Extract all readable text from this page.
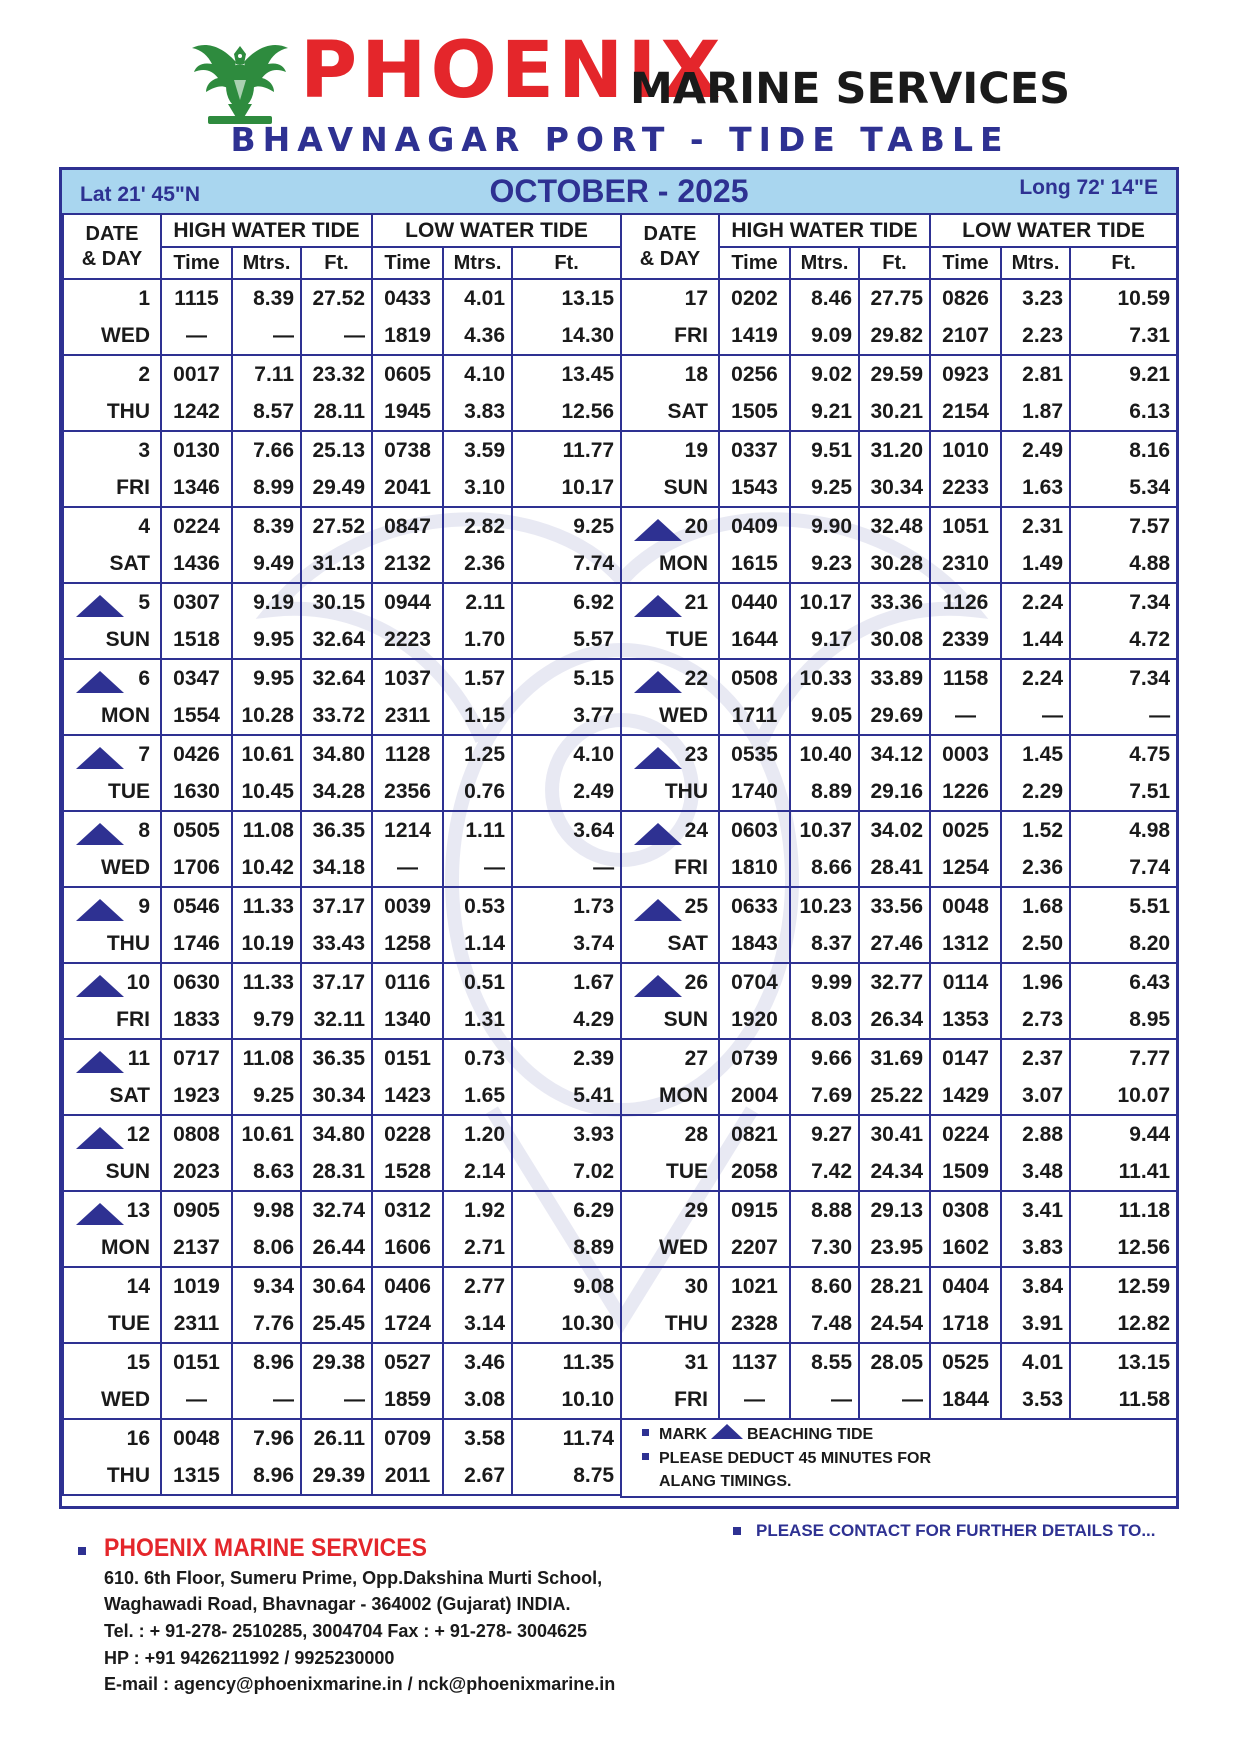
PHOENIX
MARINE SERVICES
BHAVNAGAR PORT - TIDE TABLE
Lat 21' 45"N	OCTOBER - 2025	Long 72' 14"E
DATE
& DAY	HIGH WATER TIDE			LOW WATER TIDE		
	Time	Mtrs.	Ft.	Time	Mtrs.	Ft.
1	1115	8.39	27.52	0433	4.01	13.15
WED	—	—	—	1819	4.36	14.30
2	0017	7.11	23.32	0605	4.10	13.45
THU	1242	8.57	28.11	1945	3.83	12.56
3	0130	7.66	25.13	0738	3.59	11.77
FRI	1346	8.99	29.49	2041	3.10	10.17
4	0224	8.39	27.52	0847	2.82	9.25
SAT	1436	9.49	31.13	2132	2.36	7.74
5	0307	9.19	30.15	0944	2.11	6.92
SUN	1518	9.95	32.64	2223	1.70	5.57
6	0347	9.95	32.64	1037	1.57	5.15
MON	1554	10.28	33.72	2311	1.15	3.77
7	0426	10.61	34.80	1128	1.25	4.10
TUE	1630	10.45	34.28	2356	0.76	2.49
8	0505	11.08	36.35	1214	1.11	3.64
WED	1706	10.42	34.18	—	—	—
9	0546	11.33	37.17	0039	0.53	1.73
THU	1746	10.19	33.43	1258	1.14	3.74
10	0630	11.33	37.17	0116	0.51	1.67
FRI	1833	9.79	32.11	1340	1.31	4.29
11	0717	11.08	36.35	0151	0.73	2.39
SAT	1923	9.25	30.34	1423	1.65	5.41
12	0808	10.61	34.80	0228	1.20	3.93
SUN	2023	8.63	28.31	1528	2.14	7.02
13	0905	9.98	32.74	0312	1.92	6.29
MON	2137	8.06	26.44	1606	2.71	8.89
14	1019	9.34	30.64	0406	2.77	9.08
TUE	2311	7.76	25.45	1724	3.14	10.30
15	0151	8.96	29.38	0527	3.46	11.35
WED	—	—	—	1859	3.08	10.10
16	0048	7.96	26.11	0709	3.58	11.74
THU	1315	8.96	29.39	2011	2.67	8.75
DATE
& DAY	HIGH WATER TIDE			LOW WATER TIDE		
	Time	Mtrs.	Ft.	Time	Mtrs.	Ft.
17	0202	8.46	27.75	0826	3.23	10.59
FRI	1419	9.09	29.82	2107	2.23	7.31
18	0256	9.02	29.59	0923	2.81	9.21
SAT	1505	9.21	30.21	2154	1.87	6.13
19	0337	9.51	31.20	1010	2.49	8.16
SUN	1543	9.25	30.34	2233	1.63	5.34
20	0409	9.90	32.48	1051	2.31	7.57
MON	1615	9.23	30.28	2310	1.49	4.88
21	0440	10.17	33.36	1126	2.24	7.34
TUE	1644	9.17	30.08	2339	1.44	4.72
22	0508	10.33	33.89	1158	2.24	7.34
WED	1711	9.05	29.69	—	—	—
23	0535	10.40	34.12	0003	1.45	4.75
THU	1740	8.89	29.16	1226	2.29	7.51
24	0603	10.37	34.02	0025	1.52	4.98
FRI	1810	8.66	28.41	1254	2.36	7.74
25	0633	10.23	33.56	0048	1.68	5.51
SAT	1843	8.37	27.46	1312	2.50	8.20
26	0704	9.99	32.77	0114	1.96	6.43
SUN	1920	8.03	26.34	1353	2.73	8.95
27	0739	9.66	31.69	0147	2.37	7.77
MON	2004	7.69	25.22	1429	3.07	10.07
28	0821	9.27	30.41	0224	2.88	9.44
TUE	2058	7.42	24.34	1509	3.48	11.41
29	0915	8.88	29.13	0308	3.41	11.18
WED	2207	7.30	23.95	1602	3.83	12.56
30	1021	8.60	28.21	0404	3.84	12.59
THU	2328	7.48	24.54	1718	3.91	12.82
31	1137	8.55	28.05	0525	4.01	13.15
FRI	—	—	—	1844	3.53	11.58

MARK BEACHING TIDE
PLEASE DEDUCT 45 MINUTES FOR
ALANG TIMINGS.						
PHOENIX MARINE SERVICES
610. 6th Floor, Sumeru Prime, Opp.Dakshina Murti School,
Waghawadi Road, Bhavnagar - 364002 (Gujarat) INDIA.
Tel. : + 91-278- 2510285, 3004704 Fax : + 91-278- 3004625
HP : +91 9426211992 / 9925230000
E-mail : agency@phoenixmarine.in / nck@phoenixmarine.in
PLEASE CONTACT FOR FURTHER DETAILS TO...
